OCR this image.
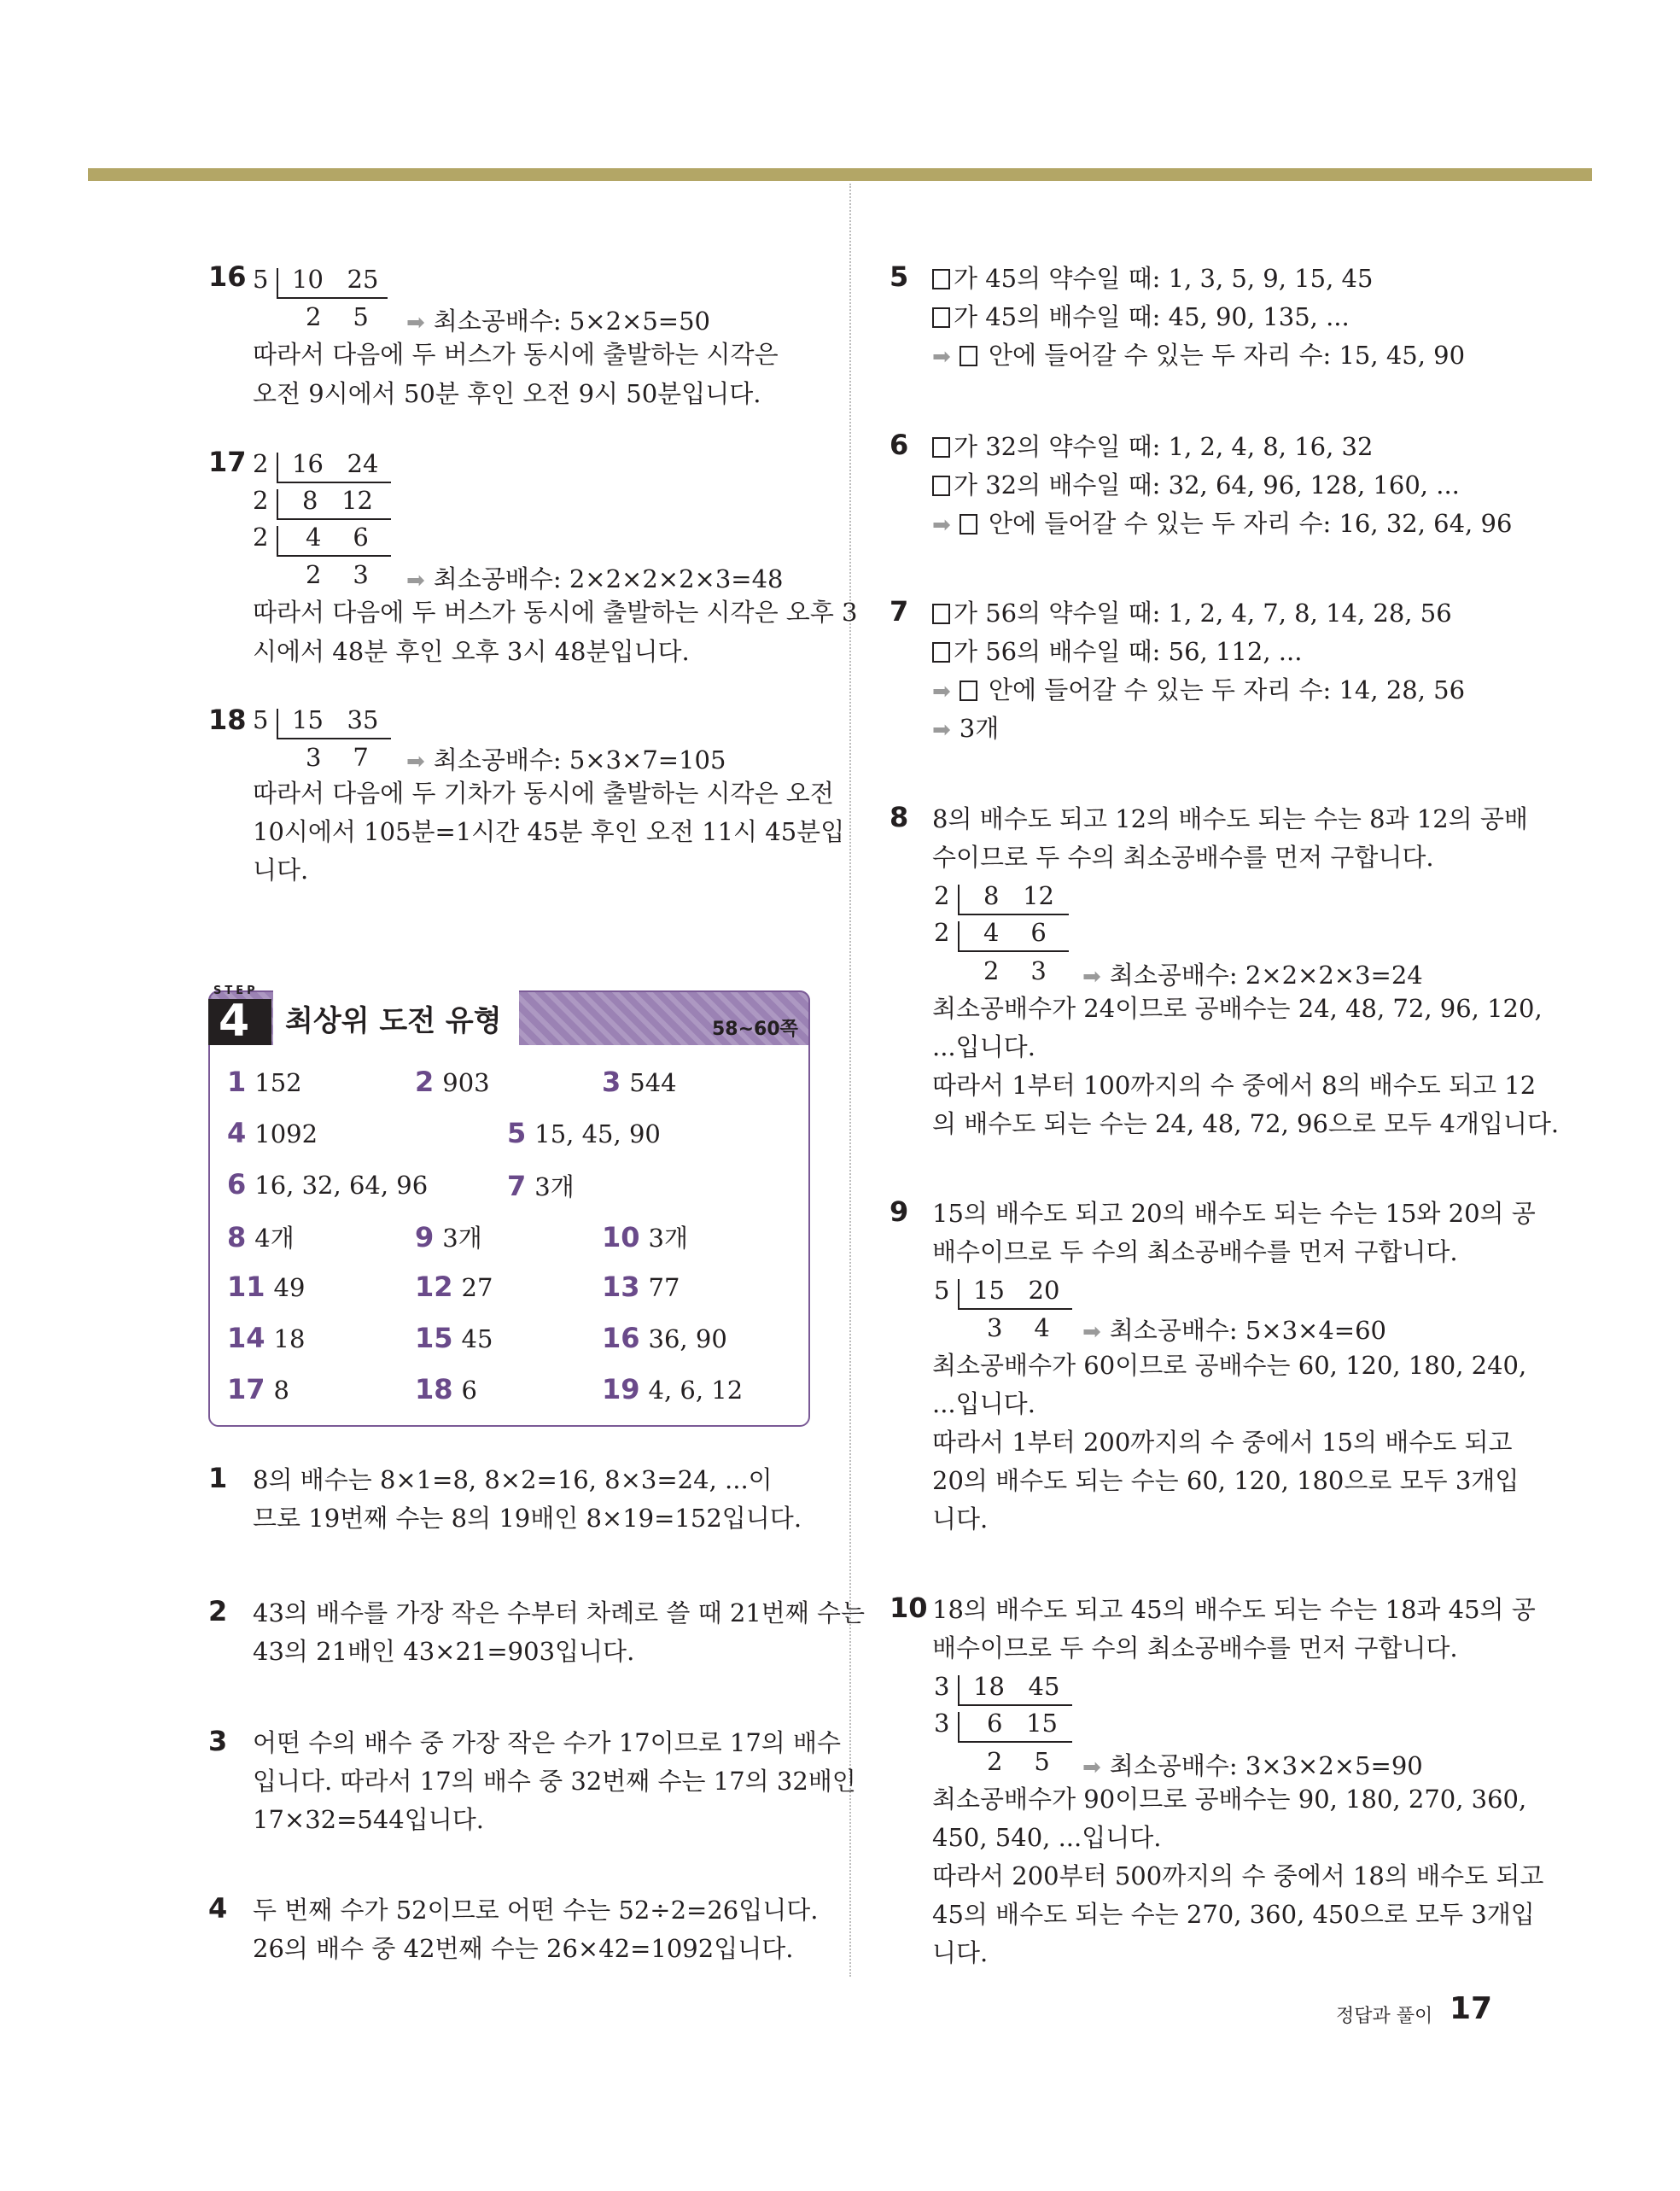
16 5 10   25
2    5 ➡ 최소공배수: 5×2×5=50
따라서 다음에 두 버스가 동시에 출발하는 시각은
오전 9시에서 50분 후인 오전 9시 50분입니다.
17 2 16   24
2 8   12
2 4    6
2    3 ➡ 최소공배수: 2×2×2×2×3=48
따라서 다음에 두 버스가 동시에 출발하는 시각은 오후 3
시에서 48분 후인 오후 3시 48분입니다.
18 5 15   35
3    7 ➡ 최소공배수: 5×3×7=105
따라서 다음에 두 기차가 동시에 출발하는 시각은 오전
10시에서 105분=1시간 45분 후인 오전 11시 45분입
니다.
STEP
4 최상위 도전 유형	58~60쪽
1 152	2 903	3 544
4 1092	5 15, 45, 90
6 16, 32, 64, 96	7 3개
8 4개	9 3개	10 3개
11 49	12 27	13 77
14 18	15 45	16 36, 90
17 8	18 6	19 4, 6, 12
1 8의 배수는 8×1=8, 8×2=16, 8×3=24, ...이
므로 19번째 수는 8의 19배인 8×19=152입니다.
2 43의 배수를 가장 작은 수부터 차례로 쓸 때 21번째 수는
43의 21배인 43×21=903입니다.
3 어떤 수의 배수 중 가장 작은 수가 17이므로 17의 배수
입니다. 따라서 17의 배수 중 32번째 수는 17의 32배인
17×32=544입니다.
4 두 번째 수가 52이므로 어떤 수는 52÷2=26입니다.
26의 배수 중 42번째 수는 26×42=1092입니다.
5	가 45의 약수일 때: 1, 3, 5, 9, 15, 45
가 45의 배수일 때: 45, 90, 135, ...
➡ 안에 들어갈 수 있는 두 자리 수: 15, 45, 90
6	가 32의 약수일 때: 1, 2, 4, 8, 16, 32
가 32의 배수일 때: 32, 64, 96, 128, 160, ...
➡ 안에 들어갈 수 있는 두 자리 수: 16, 32, 64, 96
7	가 56의 약수일 때: 1, 2, 4, 7, 8, 14, 28, 56
가 56의 배수일 때: 56, 112, ...
➡ 안에 들어갈 수 있는 두 자리 수: 14, 28, 56
➡ 3개
8 8의 배수도 되고 12의 배수도 되는 수는 8과 12의 공배
수이므로 두 수의 최소공배수를 먼저 구합니다.
2 8   12
2 4    6
2    3 ➡ 최소공배수: 2×2×2×3=24
최소공배수가 24이므로 공배수는 24, 48, 72, 96, 120,
...입니다.
따라서 1부터 100까지의 수 중에서 8의 배수도 되고 12
의 배수도 되는 수는 24, 48, 72, 96으로 모두 4개입니다.
9 15의 배수도 되고 20의 배수도 되는 수는 15와 20의 공
배수이므로 두 수의 최소공배수를 먼저 구합니다.
5 15   20
3    4 ➡ 최소공배수: 5×3×4=60
최소공배수가 60이므로 공배수는 60, 120, 180, 240,
...입니다.
따라서 1부터 200까지의 수 중에서 15의 배수도 되고
20의 배수도 되는 수는 60, 120, 180으로 모두 3개입
니다.
10 18의 배수도 되고 45의 배수도 되는 수는 18과 45의 공
배수이므로 두 수의 최소공배수를 먼저 구합니다.
3 18   45
3 6   15
2    5 ➡ 최소공배수: 3×3×2×5=90
최소공배수가 90이므로 공배수는 90, 180, 270, 360,
450, 540, ...입니다.
따라서 200부터 500까지의 수 중에서 18의 배수도 되고
45의 배수도 되는 수는 270, 360, 450으로 모두 3개입
니다.
정답과 풀이 17
